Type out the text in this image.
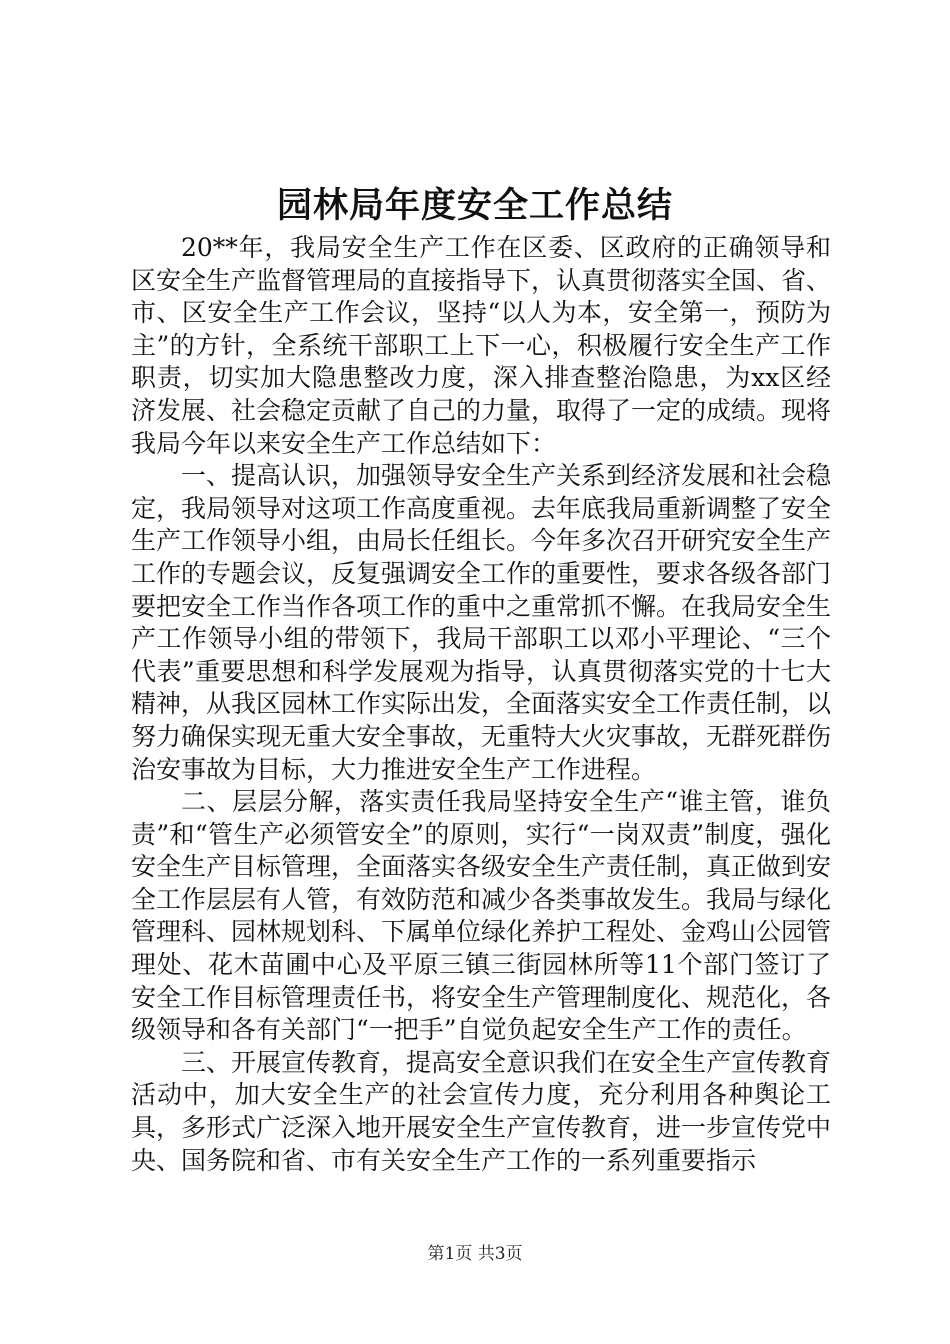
园林局年度安全工作总结

20**年，我局安全生产工作在区委、区政府的正确领导和区安全生产监督管理局的直接指导下，认真贯彻落实全国、省、市、区安全生产工作会议，坚持“以人为本，安全第一，预防为主”的方针，全系统干部职工上下一心，积极履行安全生产工作职责，切实加大隐患整改力度，深入排查整治隐患，为xx区经济发展、社会稳定贡献了自己的力量，取得了一定的成绩。现将我局今年以来安全生产工作总结如下：

一、提高认识，加强领导安全生产关系到经济发展和社会稳定，我局领导对这项工作高度重视。去年底我局重新调整了安全生产工作领导小组，由局长任组长。今年多次召开研究安全生产工作的专题会议，反复强调安全工作的重要性，要求各级各部门要把安全工作当作各项工作的重中之重常抓不懈。在我局安全生产工作领导小组的带领下，我局干部职工以邓小平理论、“三个代表”重要思想和科学发展观为指导，认真贯彻落实党的十七大精神，从我区园林工作实际出发，全面落实安全工作责任制，以努力确保实现无重大安全事故，无重特大火灾事故，无群死群伤治安事故为目标，大力推进安全生产工作进程。

二、层层分解，落实责任我局坚持安全生产“谁主管，谁负责”和“管生产必须管安全”的原则，实行“一岗双责”制度，强化安全生产目标管理，全面落实各级安全生产责任制，真正做到安全工作层层有人管，有效防范和减少各类事故发生。我局与绿化管理科、园林规划科、下属单位绿化养护工程处、金鸡山公园管理处、花木苗圃中心及平原三镇三街园林所等11个部门签订了安全工作目标管理责任书，将安全生产管理制度化、规范化，各级领导和各有关部门“一把手”自觉负起安全生产工作的责任。

三、开展宣传教育，提高安全意识我们在安全生产宣传教育活动中，加大安全生产的社会宣传力度，充分利用各种舆论工具，多形式广泛深入地开展安全生产宣传教育，进一步宣传党中央、国务院和省、市有关安全生产工作的一系列重要指示

第1页 共3页
